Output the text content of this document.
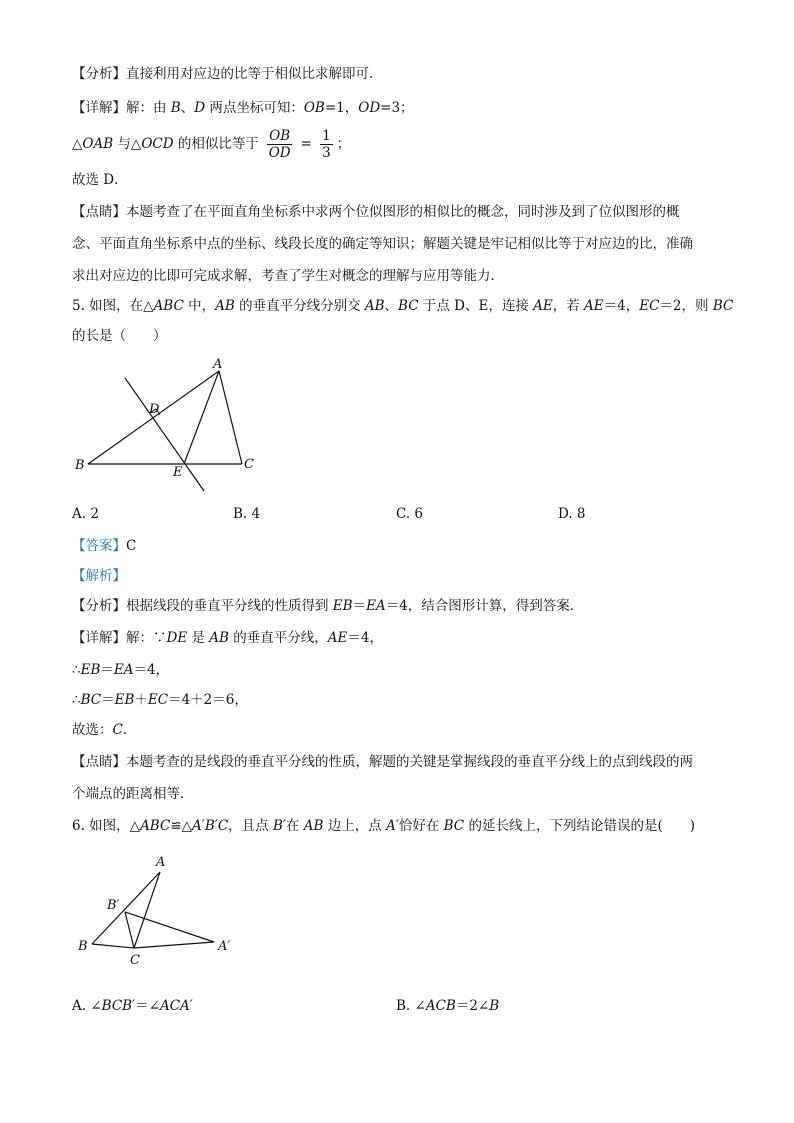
【分析】直接利用对应边的比等于相似比求解即可．
【详解】解：由 B、D 两点坐标可知：OB=1，OD=3；
△OAB 与△OCD 的相似比等于 $\frac{OB}{OD} = \frac{1}{3}$ ；
故选 D．
【点睛】本题考查了在平面直角坐标系中求两个位似图形的相似比的概念，同时涉及到了位似图形的概
念、平面直角坐标系中点的坐标、线段长度的确定等知识；解题关键是牢记相似比等于对应边的比，准确
求出对应边的比即可完成求解，考查了学生对概念的理解与应用等能力．
5. 如图，在△ABC 中，AB 的垂直平分线分别交 AB、BC 于点 D、E，连接 AE，若 AE＝4，EC＝2，则 BC
的长是（　　）
A
D
B	C
E
A. 2	B. 4	C. 6	D. 8
【答案】C
【解析】
【分析】根据线段的垂直平分线的性质得到 EB＝EA＝4，结合图形计算，得到答案．
【详解】解：∵DE 是 AB 的垂直平分线，AE＝4，
∴EB＝EA＝4，
∴BC＝EB＋EC＝4＋2＝6，
故选：C．
【点睛】本题考查的是线段的垂直平分线的性质，解题的关键是掌握线段的垂直平分线上的点到线段的两
个端点的距离相等．
6. 如图，△ABC≌△A′B′C，且点 B′在 AB 边上，点 A′恰好在 BC 的延长线上，下列结论错误的是(　　)
A
B′
B
C
A′
A. ∠BCB′＝∠ACA′	B. ∠ACB＝2∠B
